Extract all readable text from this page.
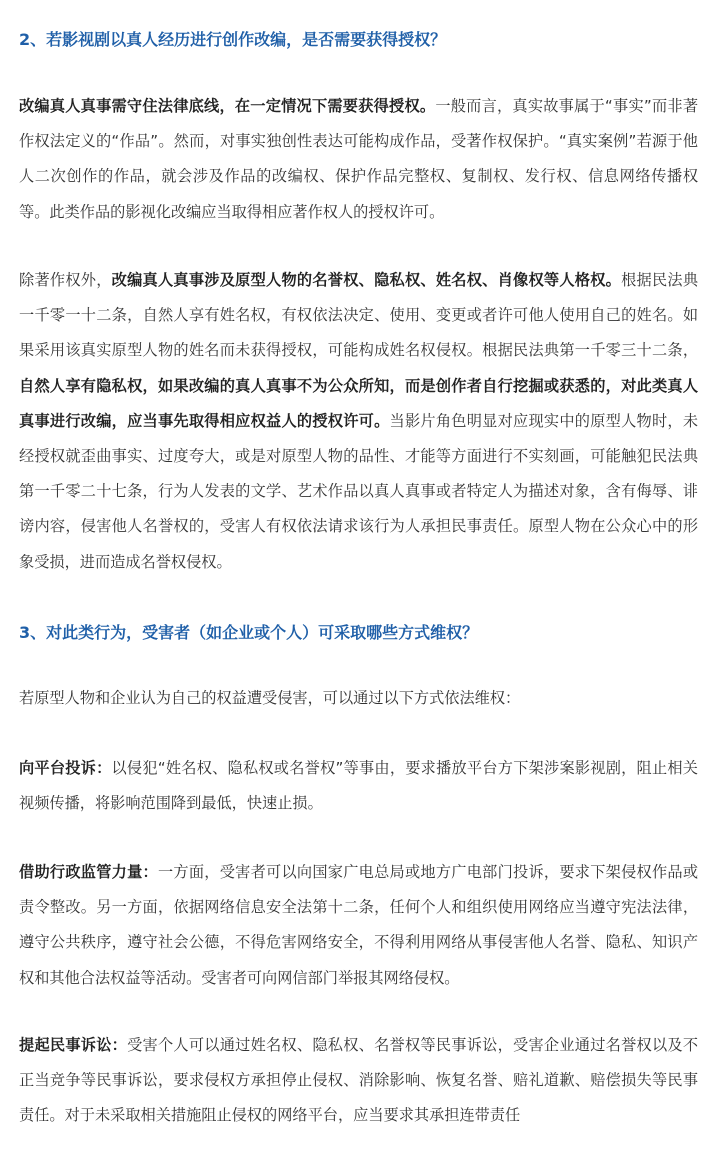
2、若影视剧以真人经历进行创作改编，是否需要获得授权？

改编真人真事需守住法律底线，在一定情况下需要获得授权。一般而言，真实故事属于“事实”而非著作权法定义的“作品”。然而，对事实独创性表达可能构成作品，受著作权保护。“真实案例”若源于他人二次创作的作品，就会涉及作品的改编权、保护作品完整权、复制权、发行权、信息网络传播权等。此类作品的影视化改编应当取得相应著作权人的授权许可。

除著作权外，改编真人真事涉及原型人物的名誉权、隐私权、姓名权、肖像权等人格权。根据民法典一千零一十二条，自然人享有姓名权，有权依法决定、使用、变更或者许可他人使用自己的姓名。如果采用该真实原型人物的姓名而未获得授权，可能构成姓名权侵权。根据民法典第一千零三十二条，自然人享有隐私权，如果改编的真人真事不为公众所知，而是创作者自行挖掘或获悉的，对此类真人真事进行改编，应当事先取得相应权益人的授权许可。当影片角色明显对应现实中的原型人物时，未经授权就歪曲事实、过度夸大，或是对原型人物的品性、才能等方面进行不实刻画，可能触犯民法典第一千零二十七条，行为人发表的文学、艺术作品以真人真事或者特定人为描述对象，含有侮辱、诽谤内容，侵害他人名誉权的，受害人有权依法请求该行为人承担民事责任。原型人物在公众心中的形象受损，进而造成名誉权侵权。

3、对此类行为，受害者（如企业或个人）可采取哪些方式维权？

若原型人物和企业认为自己的权益遭受侵害，可以通过以下方式依法维权：

向平台投诉：以侵犯“姓名权、隐私权或名誉权”等事由，要求播放平台方下架涉案影视剧，阻止相关视频传播，将影响范围降到最低，快速止损。

借助行政监管力量：一方面，受害者可以向国家广电总局或地方广电部门投诉，要求下架侵权作品或责令整改。另一方面，依据网络信息安全法第十二条，任何个人和组织使用网络应当遵守宪法法律，遵守公共秩序，遵守社会公德，不得危害网络安全，不得利用网络从事侵害他人名誉、隐私、知识产权和其他合法权益等活动。受害者可向网信部门举报其网络侵权。

提起民事诉讼：受害个人可以通过姓名权、隐私权、名誉权等民事诉讼，受害企业通过名誉权以及不正当竞争等民事诉讼，要求侵权方承担停止侵权、消除影响、恢复名誉、赔礼道歉、赔偿损失等民事责任。对于未采取相关措施阻止侵权的网络平台，应当要求其承担连带责任
